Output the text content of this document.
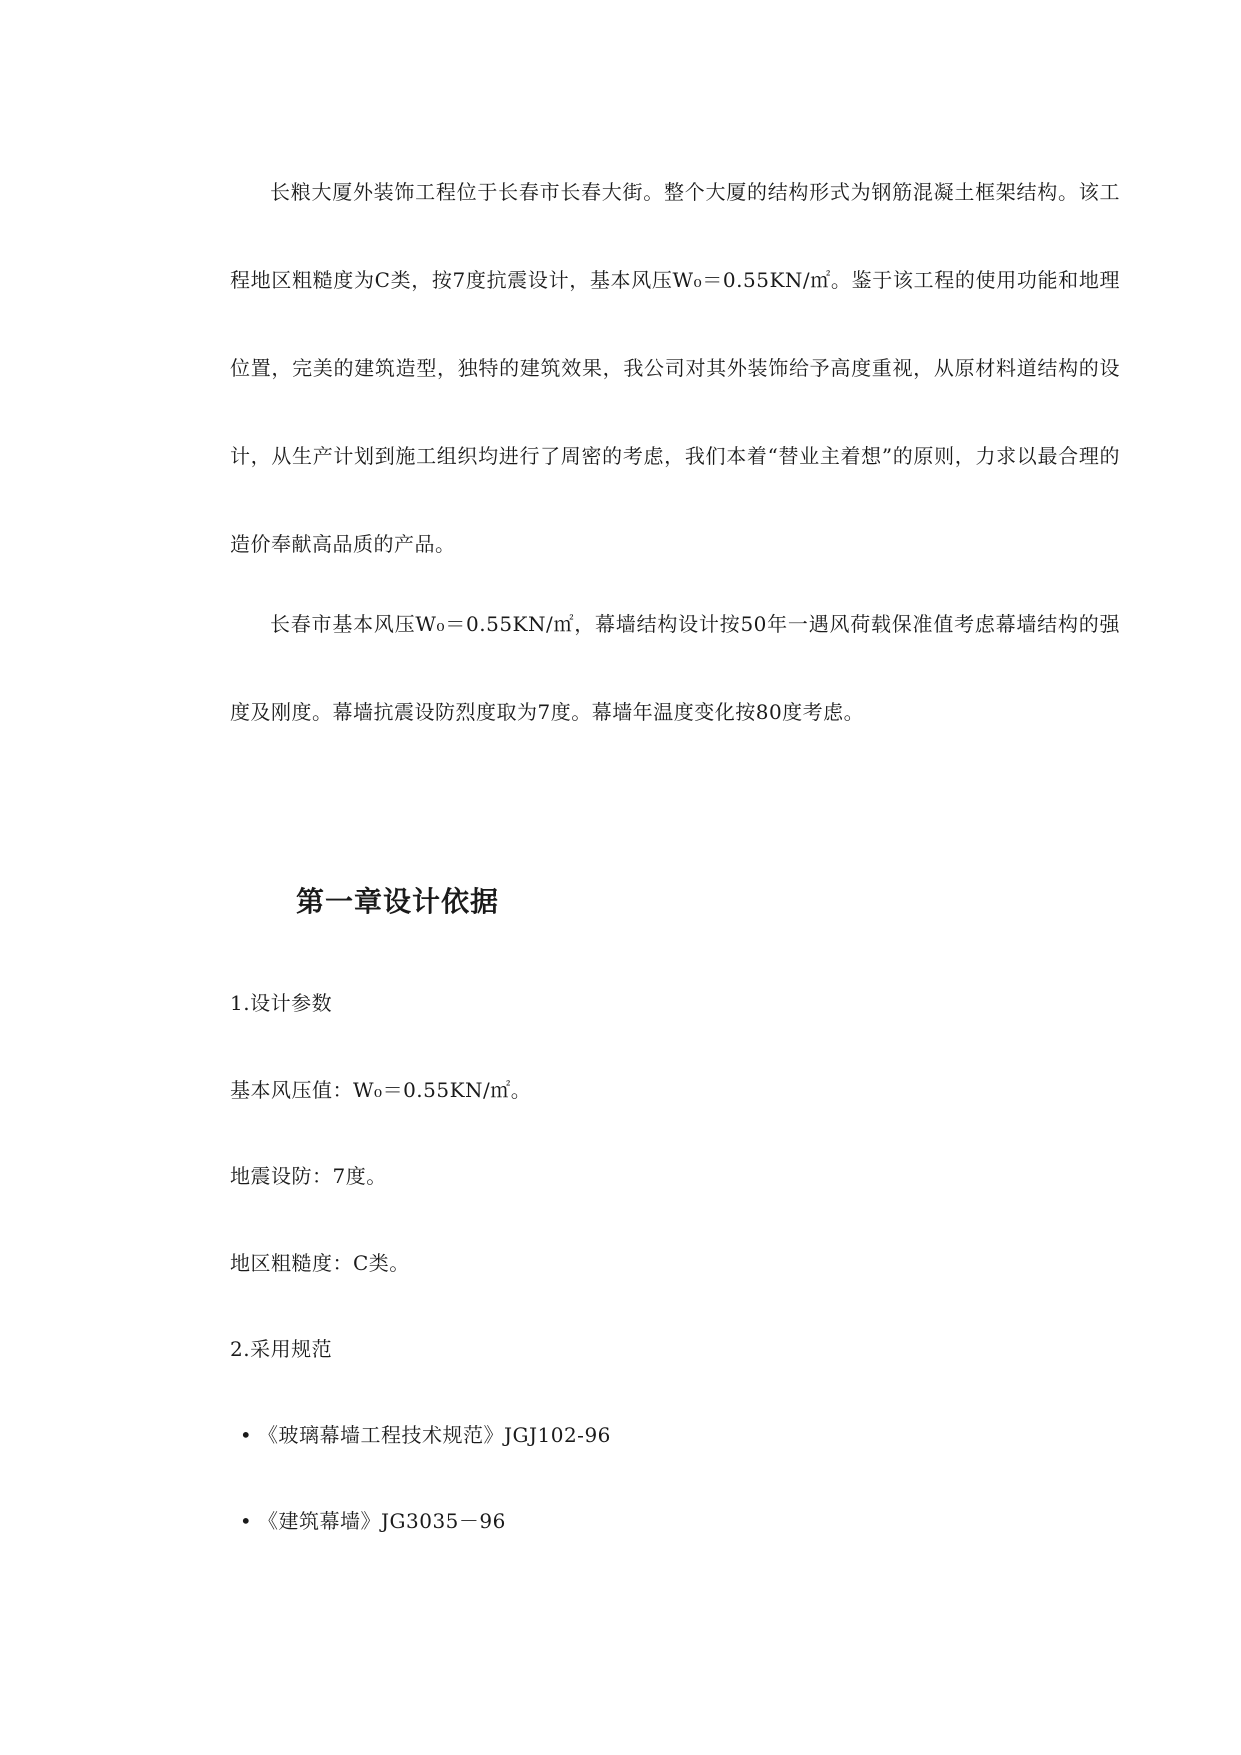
长粮大厦外装饰工程位于长春市长春大街。整个大厦的结构形式为钢筋混凝土框架结构。该工程地区粗糙度为C类，按7度抗震设计，基本风压W₀＝0.55KN/㎡。鉴于该工程的使用功能和地理位置，完美的建筑造型，独特的建筑效果，我公司对其外装饰给予高度重视，从原材料道结构的设计，从生产计划到施工组织均进行了周密的考虑，我们本着“替业主着想”的原则，力求以最合理的造价奉献高品质的产品。

长春市基本风压W₀＝0.55KN/㎡，幕墙结构设计按50年一遇风荷载保准值考虑幕墙结构的强度及刚度。幕墙抗震设防烈度取为7度。幕墙年温度变化按80度考虑。

第一章设计依据

1.设计参数

基本风压值：W₀＝0.55KN/㎡。

地震设防：7度。

地区粗糙度：C类。

2.采用规范

• 《玻璃幕墙工程技术规范》JGJ102-96

• 《建筑幕墙》JG3035－96
